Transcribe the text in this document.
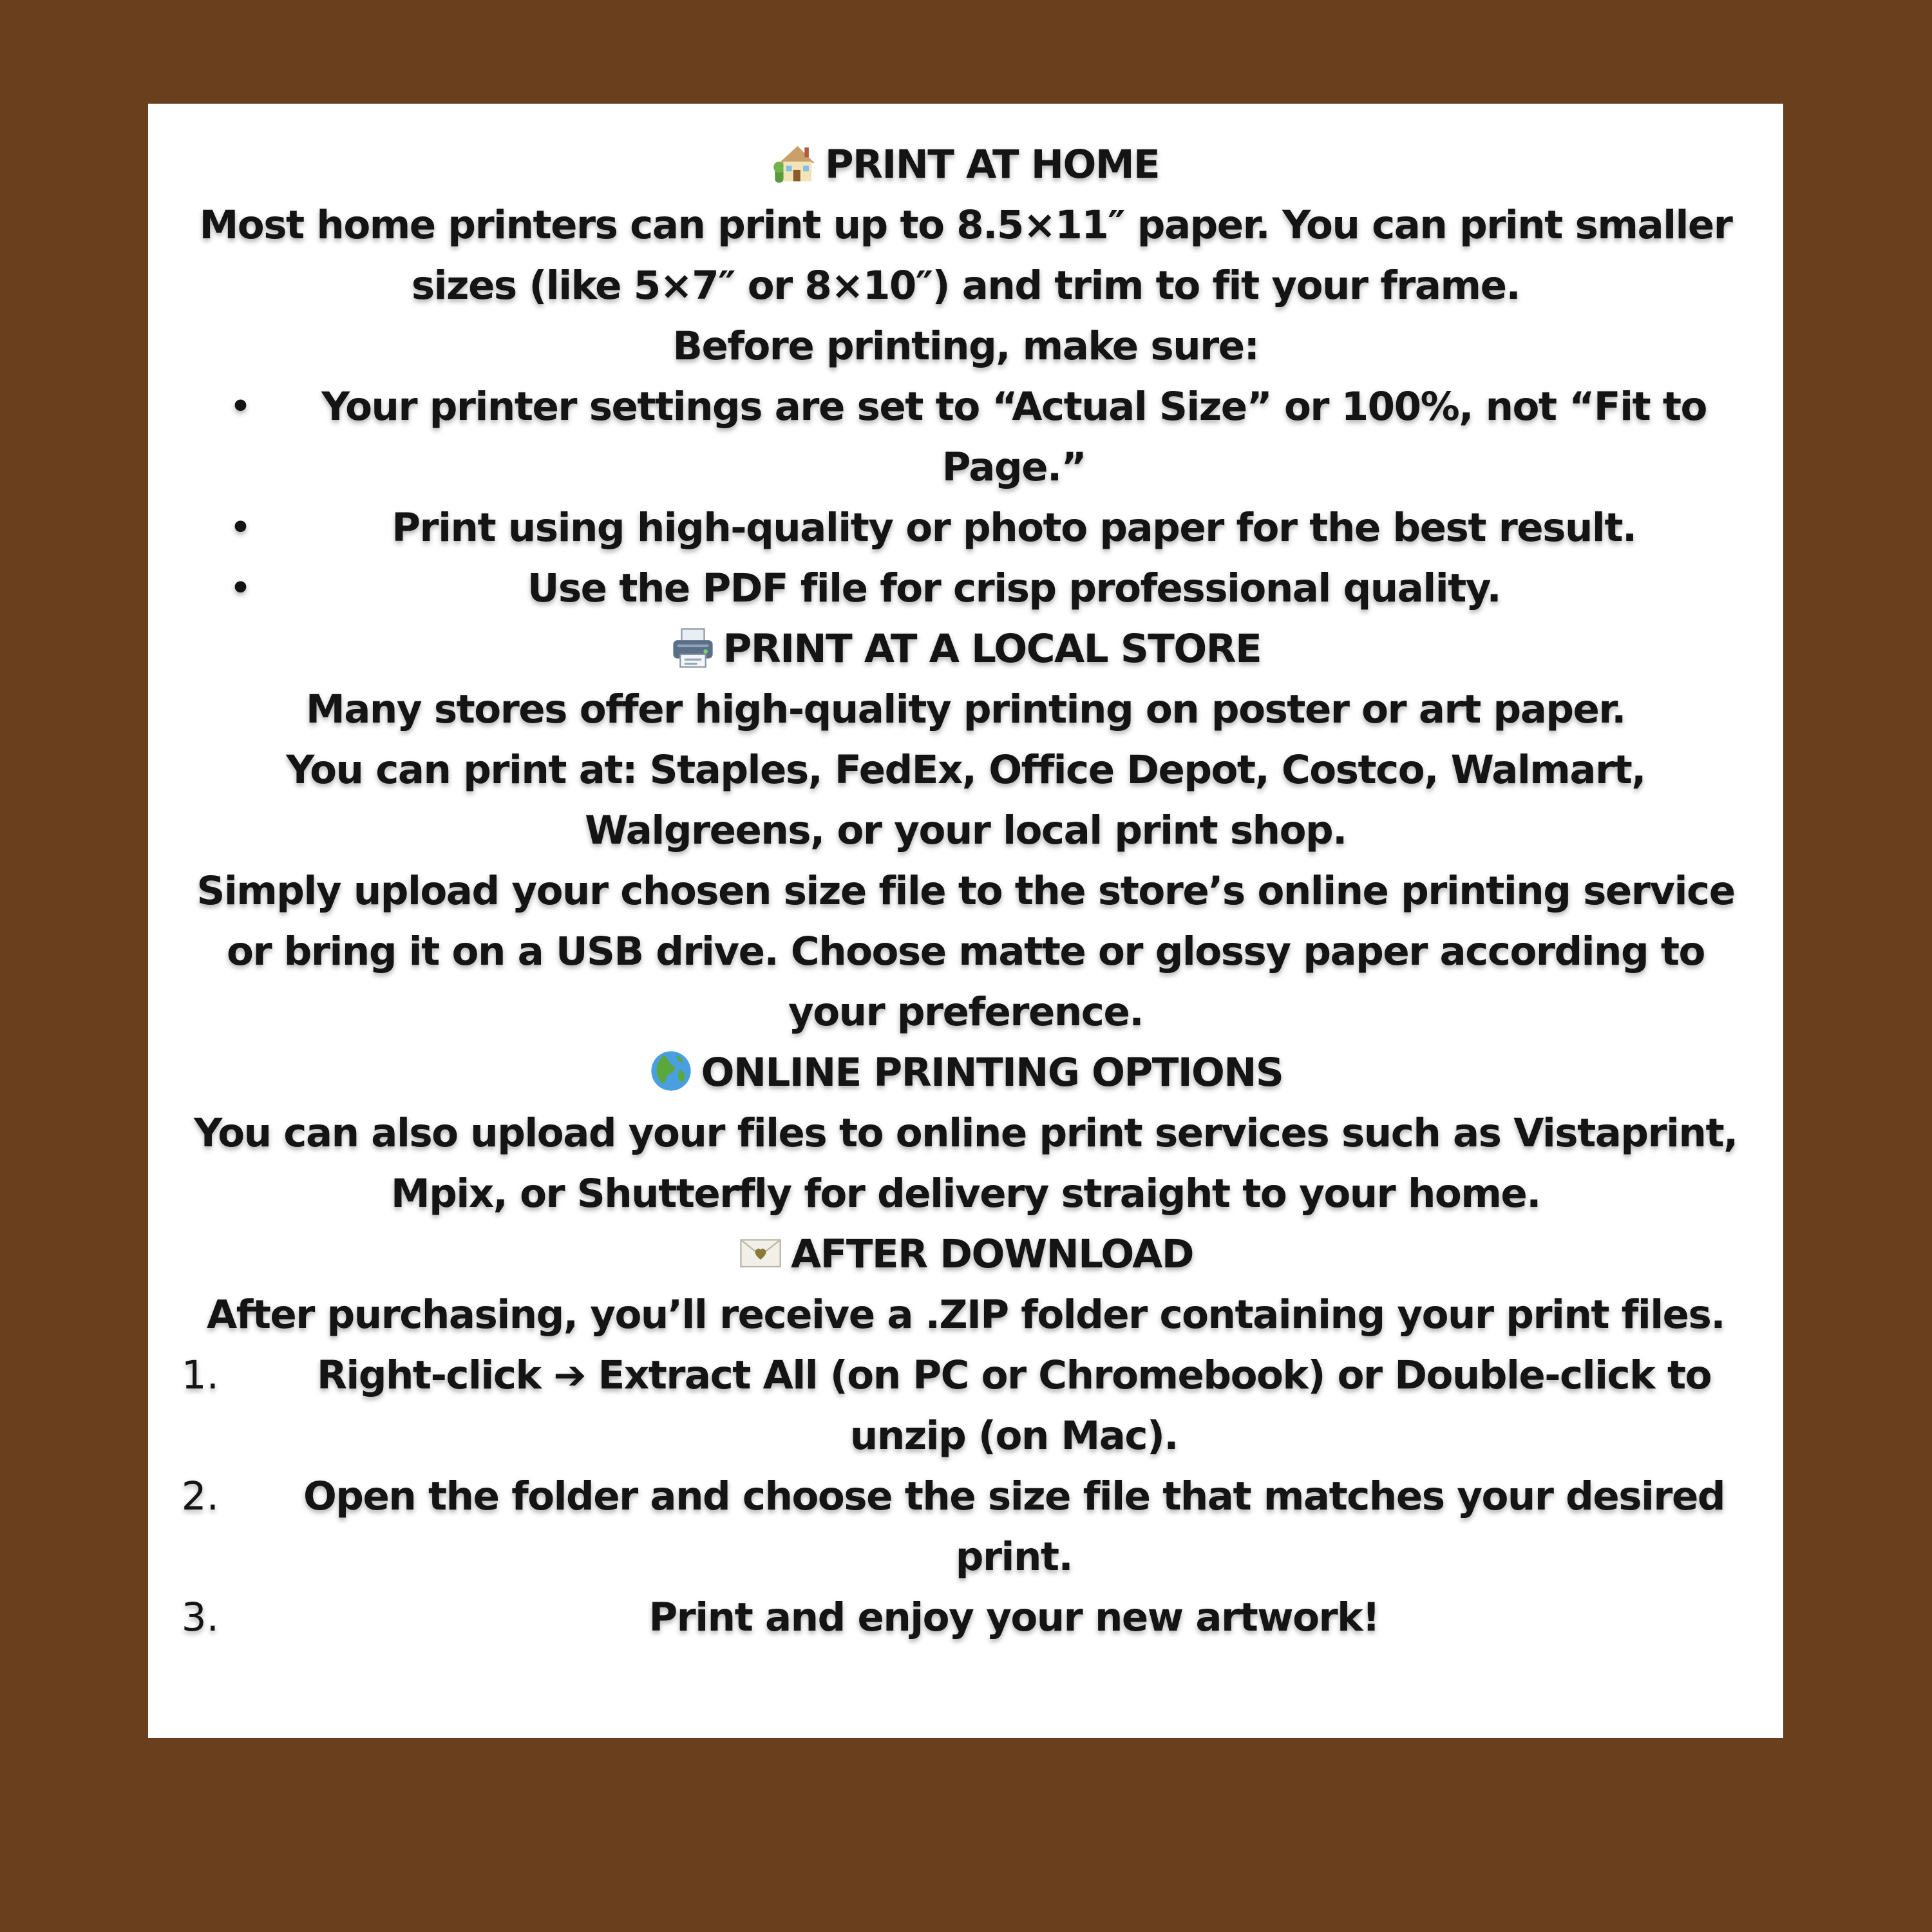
PRINT AT HOME
Most home printers can print up to 8.5×11″ paper. You can print smaller
sizes (like 5×7″ or 8×10″) and trim to fit your frame.
Before printing, make sure:
•	Your printer settings are set to “Actual Size” or 100%, not “Fit to
Page.”
•	Print using high-quality or photo paper for the best result.
•	Use the PDF file for crisp professional quality.
PRINT AT A LOCAL STORE
Many stores offer high-quality printing on poster or art paper.
You can print at: Staples, FedEx, Office Depot, Costco, Walmart,
Walgreens, or your local print shop.
Simply upload your chosen size file to the store’s online printing service
or bring it on a USB drive. Choose matte or glossy paper according to
your preference.
ONLINE PRINTING OPTIONS
You can also upload your files to online print services such as Vistaprint,
Mpix, or Shutterfly for delivery straight to your home.
AFTER DOWNLOAD
After purchasing, you’ll receive a .ZIP folder containing your print files.
1.	Right-click ➔ Extract All (on PC or Chromebook) or Double-click to
unzip (on Mac).
2.	Open the folder and choose the size file that matches your desired
print.
3.	Print and enjoy your new artwork!
